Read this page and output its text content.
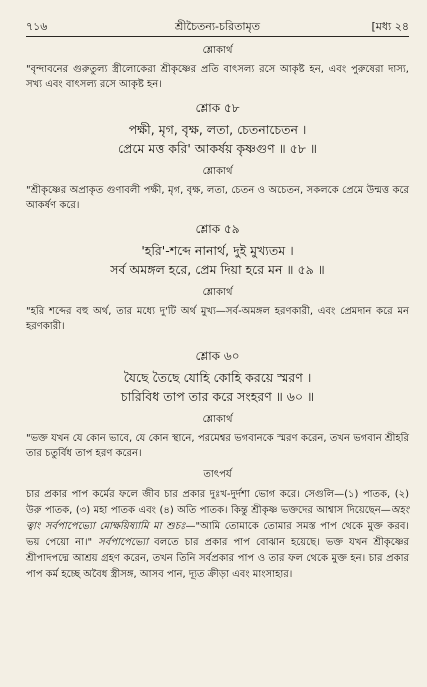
শ্রীচৈতন্য-চরিতামৃত
৭১৬	[মধ্য ২৪
শ্লোকার্থ

"বৃন্দাবনের গুরুতুল্য স্ত্রীলোকেরা শ্রীকৃষ্ণের প্রতি বাৎসল্য রসে আকৃষ্ট হন, এবং পুরুষেরা দাস্য, সখ্য এবং বাৎসল্য রসে আকৃষ্ট হন।

শ্লোক ৫৮
পক্ষী, মৃগ, বৃক্ষ, লতা, চেতনাচেতন ।
প্রেমে মত্ত করি' আকর্ষয় কৃষ্ণগুণ ॥ ৫৮ ॥
শ্লোকার্থ

"শ্রীকৃষ্ণের অপ্রাকৃত গুণাবলী পক্ষী, মৃগ, বৃক্ষ, লতা, চেতন ও অচেতন, সকলকে প্রেমে উন্মত্ত করে আকর্ষণ করে।

শ্লোক ৫৯
'হরি'-শব্দে নানার্থ, দুই মুখ্যতম ।
সর্ব অমঙ্গল হরে, প্রেম দিয়া হরে মন ॥ ৫৯ ॥
শ্লোকার্থ

"হরি শব্দের বহু অর্থ, তার মধ্যে দু'টি অর্থ মুখ্য—সর্ব-অমঙ্গল হরণকারী, এবং প্রেমদান করে মন হরণকারী।

শ্লোক ৬০
যৈছে তৈছে যোহি কোহি করয়ে স্মরণ ।
চারিবিধ তাপ তার করে সংহরণ ॥ ৬০ ॥
শ্লোকার্থ

"ভক্ত যখন যে কোন ভাবে, যে কোন স্থানে, পরমেশ্বর ভগবানকে স্মরণ করেন, তখন ভগবান শ্রীহরি তার চতুর্বিধ তাপ হরণ করেন।

তাৎপর্য

চার প্রকার পাপ কর্মের ফলে জীব চার প্রকার দুঃখ-দুর্দশা ভোগ করে। সেগুলি—(১) পাতক, (২) উরু পাতক, (৩) মহা পাতক এবং (৪) অতি পাতক। কিন্তু শ্রীকৃষ্ণ ভক্তদের আশ্বাস দিয়েছেন—অহং ত্বাং সর্বপাপেভ্যো মোক্ষয়িষ্যামি মা শুচঃ—"আমি তোমাকে তোমার সমস্ত পাপ থেকে মুক্ত করব। ভয় পেয়ো না।" সর্বপাপেভ্যো বলতে চার প্রকার পাপ বোঝান হয়েছে। ভক্ত যখন শ্রীকৃষ্ণের শ্রীপাদপদ্মে আশ্রয় গ্রহণ করেন, তখন তিনি সর্বপ্রকার পাপ ও তার ফল থেকে মুক্ত হন। চার প্রকার পাপ কর্ম হচ্ছে অবৈধ স্ত্রীসঙ্গ, আসব পান, দ্যূত ক্রীড়া এবং মাংসাহার।
